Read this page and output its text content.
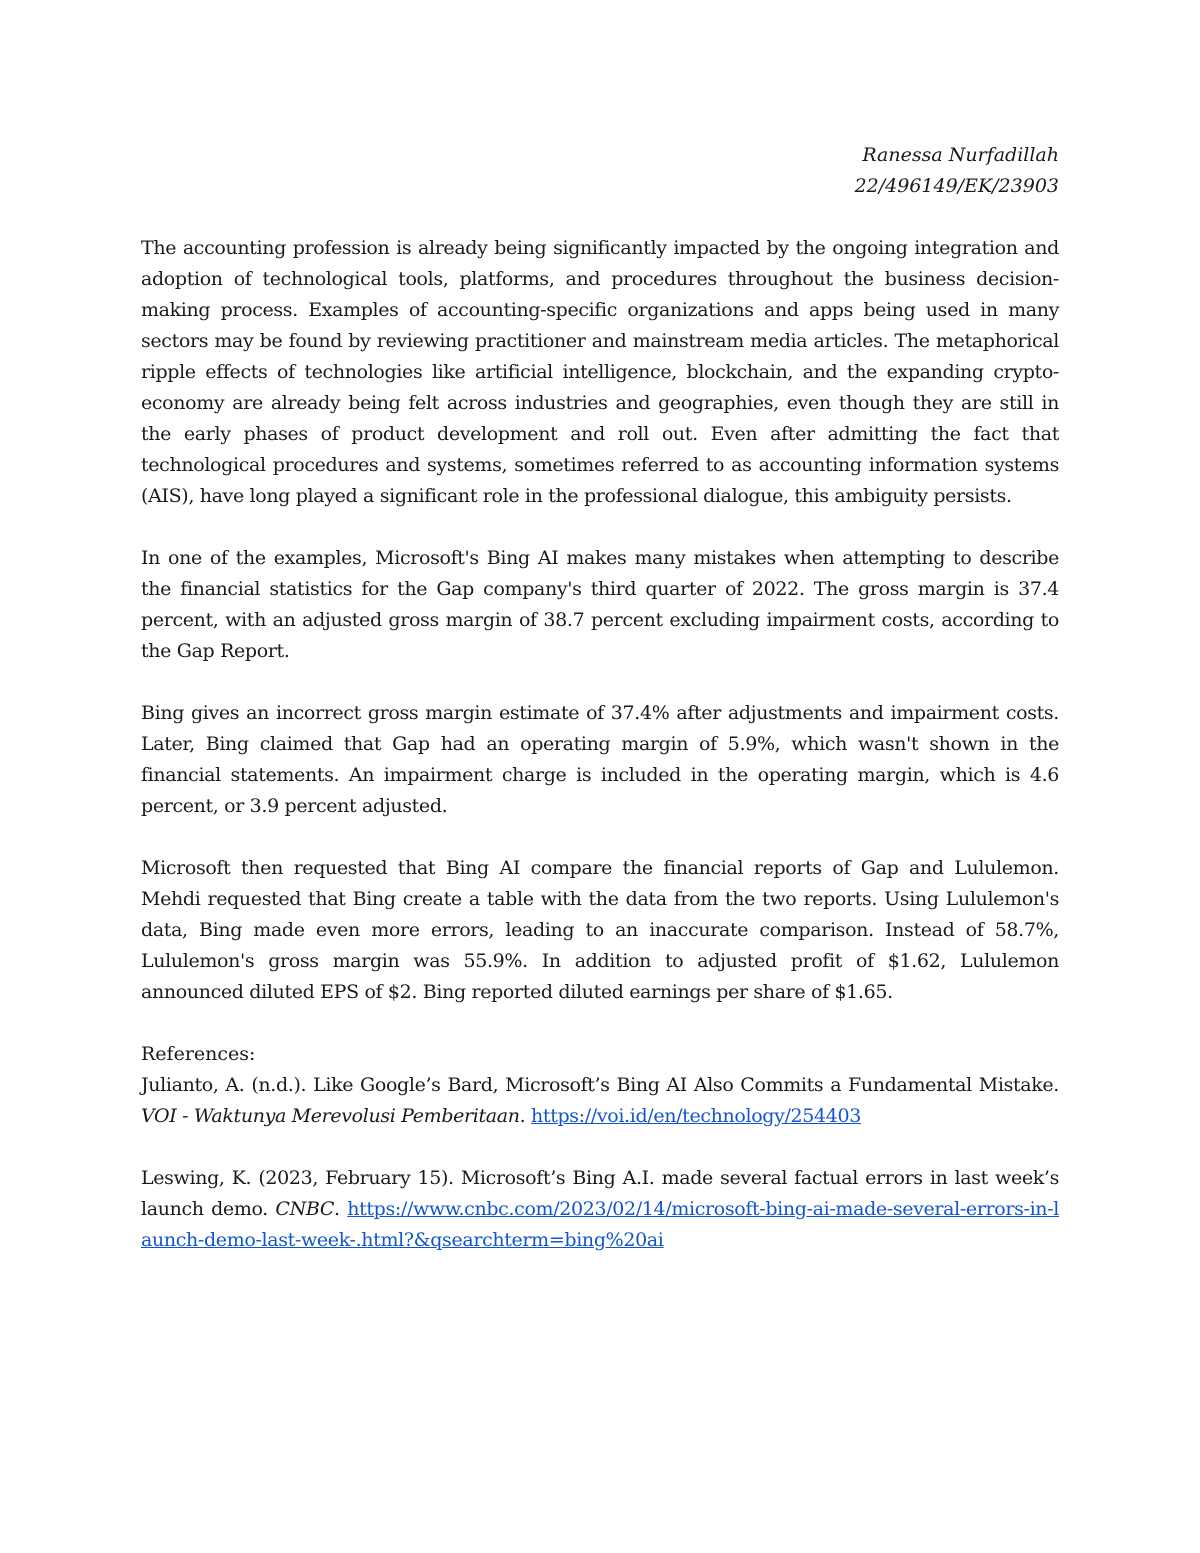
Ranessa Nurfadillah
22/496149/EK/23903

The accounting profession is already being significantly impacted by the ongoing integration and adoption of technological tools, platforms, and procedures throughout the business decision-making process. Examples of accounting-specific organizations and apps being used in many sectors may be found by reviewing practitioner and mainstream media articles. The metaphorical ripple effects of technologies like artificial intelligence, blockchain, and the expanding crypto-economy are already being felt across industries and geographies, even though they are still in the early phases of product development and roll out. Even after admitting the fact that technological procedures and systems, sometimes referred to as accounting information systems (AIS), have long played a significant role in the professional dialogue, this ambiguity persists.

In one of the examples, Microsoft's Bing AI makes many mistakes when attempting to describe the financial statistics for the Gap company's third quarter of 2022. The gross margin is 37.4 percent, with an adjusted gross margin of 38.7 percent excluding impairment costs, according to the Gap Report.

Bing gives an incorrect gross margin estimate of 37.4% after adjustments and impairment costs. Later, Bing claimed that Gap had an operating margin of 5.9%, which wasn't shown in the financial statements. An impairment charge is included in the operating margin, which is 4.6 percent, or 3.9 percent adjusted.

Microsoft then requested that Bing AI compare the financial reports of Gap and Lululemon. Mehdi requested that Bing create a table with the data from the two reports. Using Lululemon's data, Bing made even more errors, leading to an inaccurate comparison. Instead of 58.7%, Lululemon's gross margin was 55.9%. In addition to adjusted profit of $1.62, Lululemon announced diluted EPS of $2. Bing reported diluted earnings per share of $1.65.

References:

Julianto, A. (n.d.). Like Google’s Bard, Microsoft’s Bing AI Also Commits a Fundamental Mistake. VOI - Waktunya Merevolusi Pemberitaan. https://voi.id/en/technology/254403

Leswing, K. (2023, February 15). Microsoft’s Bing A.I. made several factual errors in last week’s launch demo. CNBC. https://www.cnbc.com/2023/02/14/microsoft-bing-ai-made-several-errors-in-launch-demo-last-week-.html?&qsearchterm=bing%20ai
